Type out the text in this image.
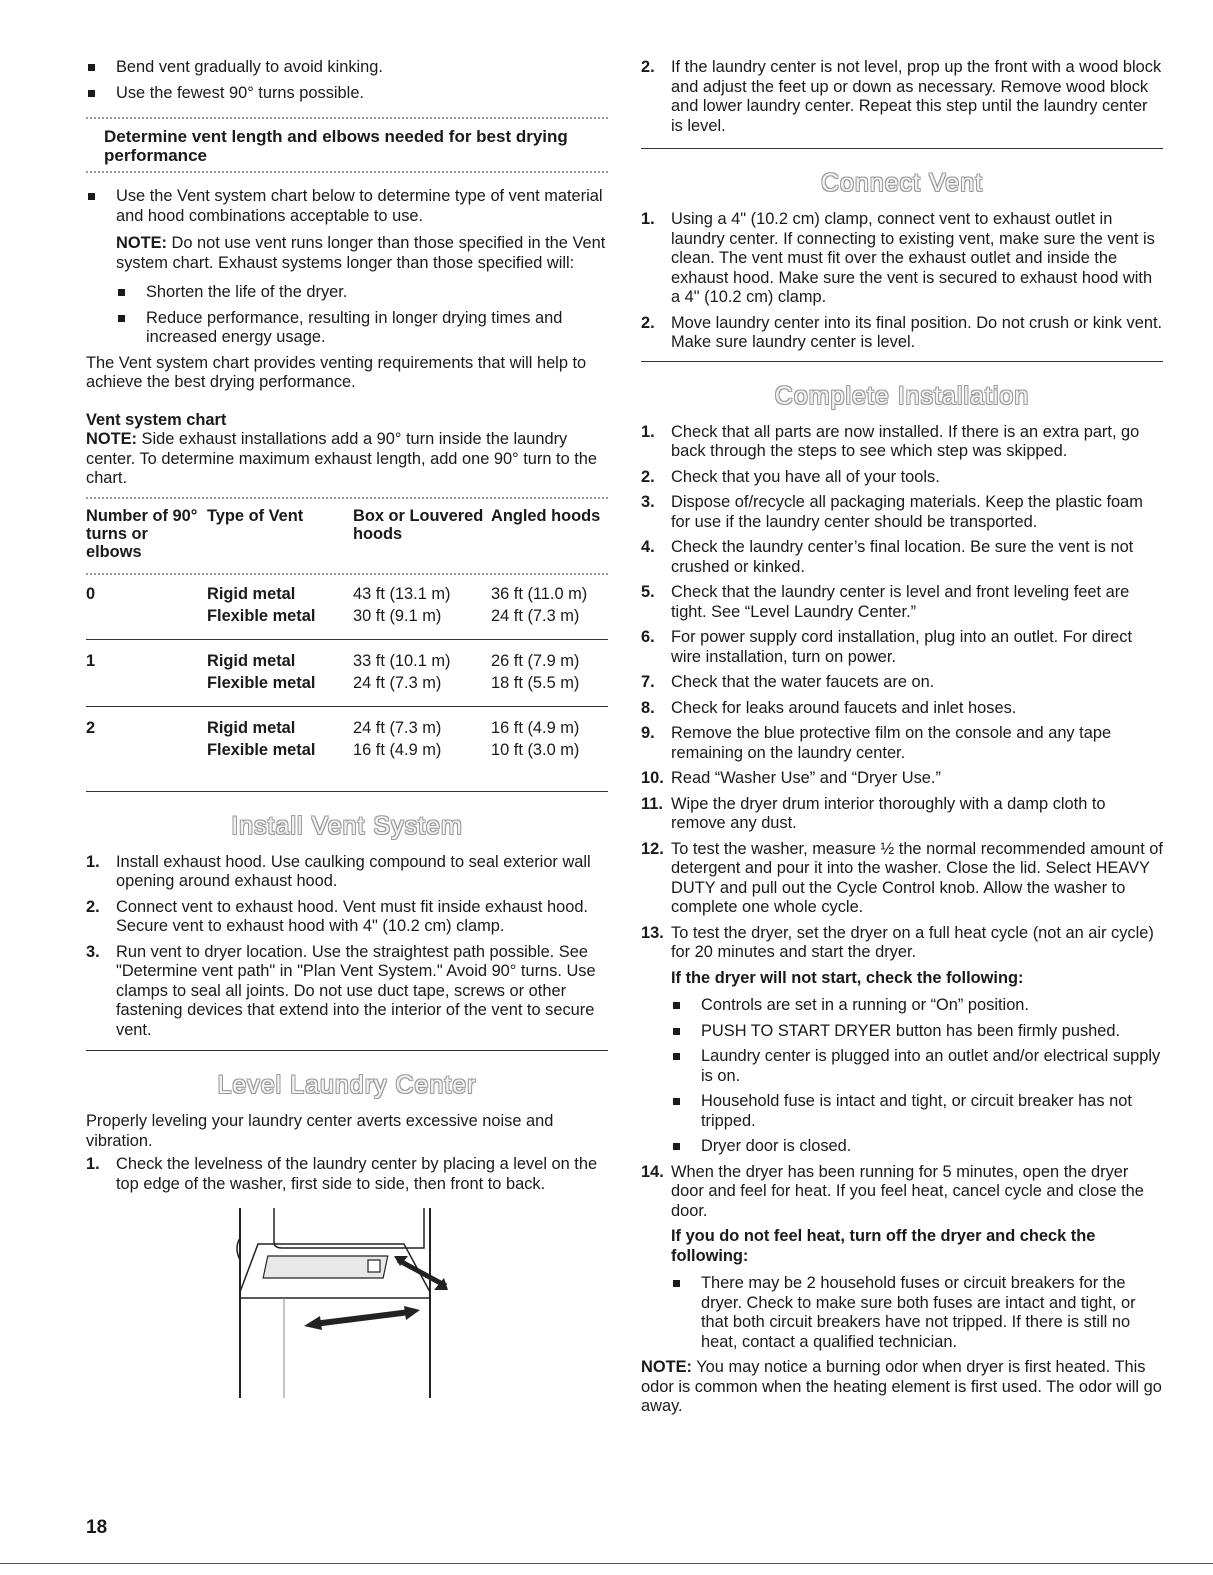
Bend vent gradually to avoid kinking.
Use the fewest 90° turns possible.
Determine vent length and elbows needed for best drying performance
Use the Vent system chart below to determine type of vent material and hood combinations acceptable to use.

NOTE: Do not use vent runs longer than those specified in the Vent system chart. Exhaust systems longer than those specified will:

Shorten the life of the dryer.
Reduce performance, resulting in longer drying times and increased energy usage.

The Vent system chart provides venting requirements that will help to achieve the best drying performance.

Vent system chart

NOTE: Side exhaust installations add a 90° turn inside the laundry center. To determine maximum exhaust length, add one 90° turn to the chart.

Number of 90° turns or elbows	Type of Vent	Box or Louvered hoods	Angled hoods

0	Rigid metal	43 ft (13.1 m)	36 ft (11.0 m)
	Flexible metal	30 ft (9.1 m)	24 ft (7.3 m)
1	Rigid metal	33 ft (10.1 m)	26 ft (7.9 m)
	Flexible metal	24 ft (7.3 m)	18 ft (5.5 m)
2	Rigid metal	24 ft (7.3 m)	16 ft (4.9 m)
	Flexible metal	16 ft (4.9 m)	10 ft (3.0 m)
Install Vent System
1. Install exhaust hood. Use caulking compound to seal exterior wall opening around exhaust hood.
2. Connect vent to exhaust hood. Vent must fit inside exhaust hood. Secure vent to exhaust hood with 4" (10.2 cm) clamp.
3. Run vent to dryer location. Use the straightest path possible. See "Determine vent path" in "Plan Vent System." Avoid 90° turns. Use clamps to seal all joints. Do not use duct tape, screws or other fastening devices that extend into the interior of the vent to secure vent.
Level Laundry Center

Properly leveling your laundry center averts excessive noise and vibration.

1. Check the levelness of the laundry center by placing a level on the top edge of the washer, first side to side, then front to back.
2. If the laundry center is not level, prop up the front with a wood block and adjust the feet up or down as necessary. Remove wood block and lower laundry center. Repeat this step until the laundry center is level.
Connect Vent
1. Using a 4" (10.2 cm) clamp, connect vent to exhaust outlet in laundry center. If connecting to existing vent, make sure the vent is clean. The vent must fit over the exhaust outlet and inside the exhaust hood. Make sure the vent is secured to exhaust hood with a 4" (10.2 cm) clamp.
2. Move laundry center into its final position. Do not crush or kink vent. Make sure laundry center is level.
Complete Installation
1. Check that all parts are now installed. If there is an extra part, go back through the steps to see which step was skipped.
2. Check that you have all of your tools.
3. Dispose of/recycle all packaging materials. Keep the plastic foam for use if the laundry center should be transported.
4. Check the laundry center’s final location. Be sure the vent is not crushed or kinked.
5. Check that the laundry center is level and front leveling feet are tight. See “Level Laundry Center.”
6. For power supply cord installation, plug into an outlet. For direct wire installation, turn on power.
7. Check that the water faucets are on.
8. Check for leaks around faucets and inlet hoses.
9. Remove the blue protective film on the console and any tape remaining on the laundry center.
10. Read “Washer Use” and “Dryer Use.”
11. Wipe the dryer drum interior thoroughly with a damp cloth to remove any dust.
12. To test the washer, measure ½ the normal recommended amount of detergent and pour it into the washer. Close the lid. Select HEAVY DUTY and pull out the Cycle Control knob. Allow the washer to complete one whole cycle.
13. To test the dryer, set the dryer on a full heat cycle (not an air cycle) for 20 minutes and start the dryer.
If the dryer will not start, check the following:
Controls are set in a running or “On” position.
PUSH TO START DRYER button has been firmly pushed.
Laundry center is plugged into an outlet and/or electrical supply is on.
Household fuse is intact and tight, or circuit breaker has not tripped.
Dryer door is closed.
14. When the dryer has been running for 5 minutes, open the dryer door and feel for heat. If you feel heat, cancel cycle and close the door.
If you do not feel heat, turn off the dryer and check the following:
There may be 2 household fuses or circuit breakers for the dryer. Check to make sure both fuses are intact and tight, or that both circuit breakers have not tripped. If there is still no heat, contact a qualified technician.

NOTE: You may notice a burning odor when dryer is first heated. This odor is common when the heating element is first used. The odor will go away.

18
